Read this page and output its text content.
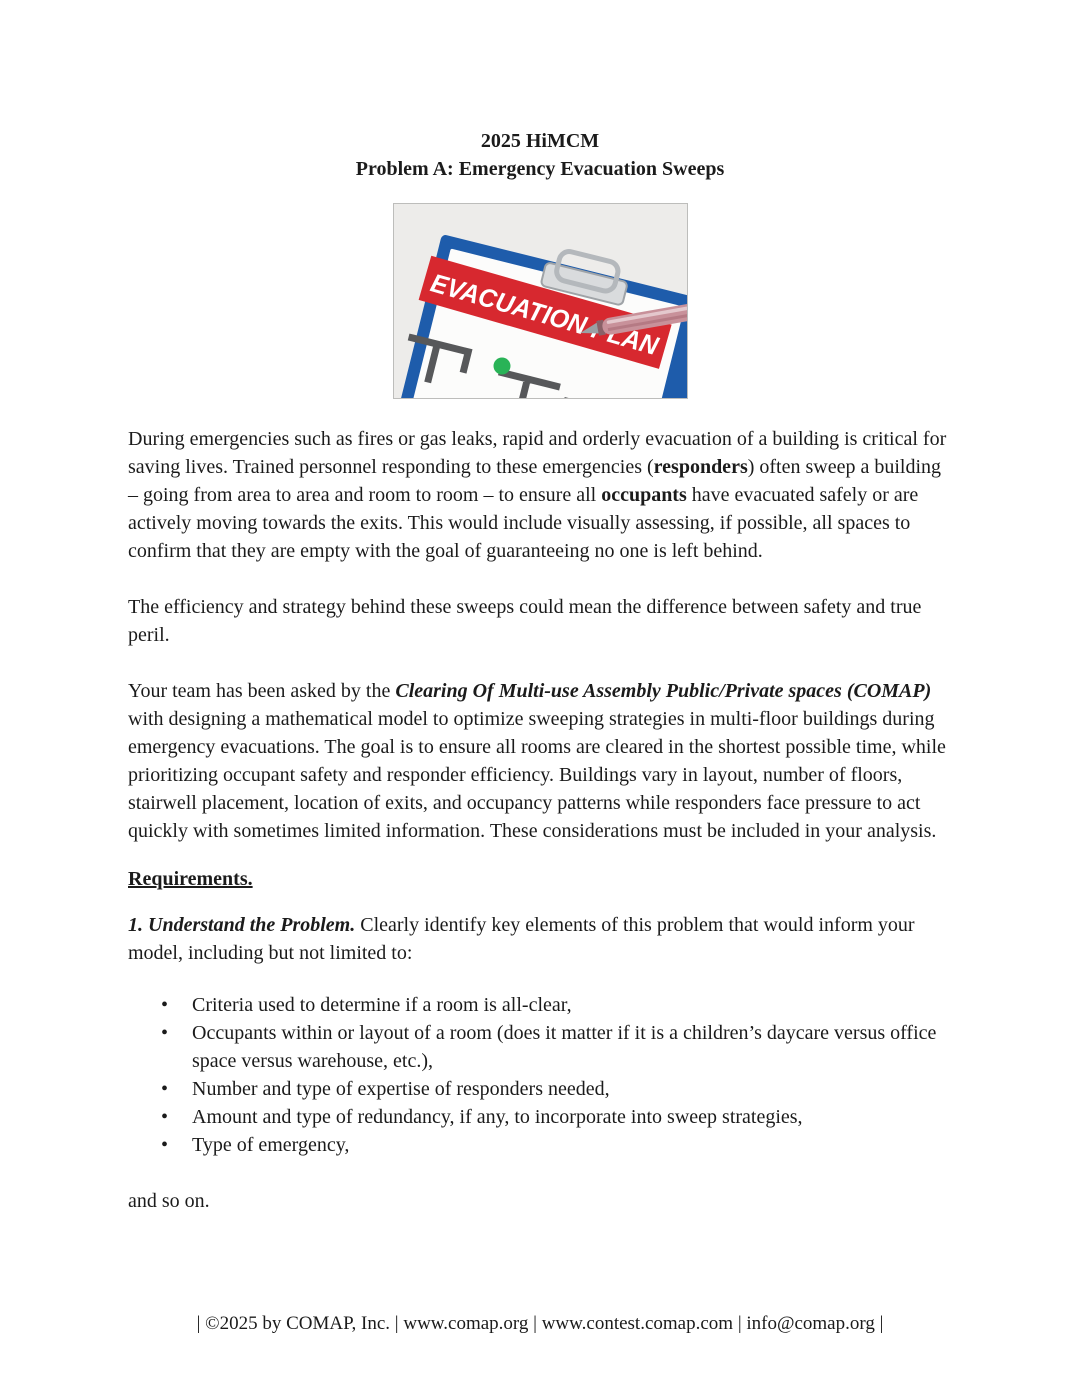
2025 HiMCM
Problem A: Emergency Evacuation Sweeps
EVACUATION PLAN

During emergencies such as fires or gas leaks, rapid and orderly evacuation of a building is critical for saving lives. Trained personnel responding to these emergencies (responders) often sweep a building – going from area to area and room to room – to ensure all occupants have evacuated safely or are actively moving towards the exits. This would include visually assessing, if possible, all spaces to confirm that they are empty with the goal of guaranteeing no one is left behind.

The efficiency and strategy behind these sweeps could mean the difference between safety and true peril.

Your team has been asked by the Clearing Of Multi-use Assembly Public/Private spaces (COMAP) with designing a mathematical model to optimize sweeping strategies in multi-floor buildings during emergency evacuations. The goal is to ensure all rooms are cleared in the shortest possible time, while prioritizing occupant safety and responder efficiency. Buildings vary in layout, number of floors, stairwell placement, location of exits, and occupancy patterns while responders face pressure to act quickly with sometimes limited information. These considerations must be included in your analysis.

Requirements.

1. Understand the Problem. Clearly identify key elements of this problem that would inform your model, including but not limited to:

• Criteria used to determine if a room is all-clear,
• Occupants within or layout of a room (does it matter if it is a children’s daycare versus office space versus warehouse, etc.),
• Number and type of expertise of responders needed,
• Amount and type of redundancy, if any, to incorporate into sweep strategies,
• Type of emergency,

and so on.

| ©2025 by COMAP, Inc. | www.comap.org | www.contest.comap.com | info@comap.org |
